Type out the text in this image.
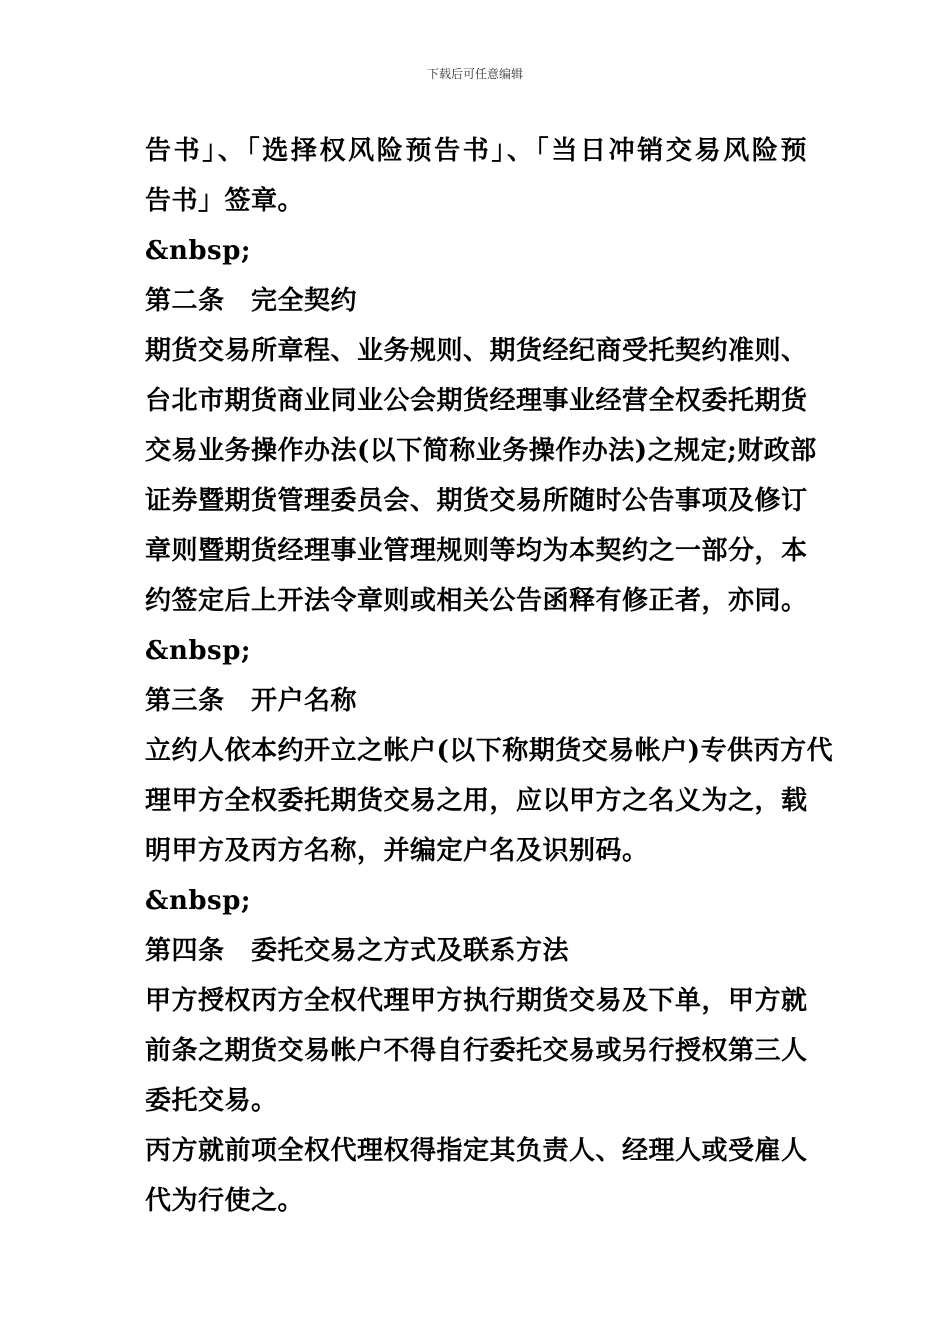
下载后可任意编辑
告书」、「选择权风险预告书」、「当日冲销交易风险预
告书」签章。
&nbsp;
第二条　完全契约
期货交易所章程、业务规则、期货经纪商受托契约准则、
台北市期货商业同业公会期货经理事业经营全权委托期货
交易业务操作办法(以下简称业务操作办法)之规定;财政部
证券暨期货管理委员会、期货交易所随时公告事项及修订
章则暨期货经理事业管理规则等均为本契约之一部分，本
约签定后上开法令章则或相关公告函释有修正者，亦同。
&nbsp;
第三条　开户名称
立约人依本约开立之帐户(以下称期货交易帐户)专供丙方代
理甲方全权委托期货交易之用，应以甲方之名义为之，载
明甲方及丙方名称，并编定户名及识别码。
&nbsp;
第四条　委托交易之方式及联系方法
甲方授权丙方全权代理甲方执行期货交易及下单，甲方就
前条之期货交易帐户不得自行委托交易或另行授权第三人
委托交易。
丙方就前项全权代理权得指定其负责人、经理人或受雇人
代为行使之。
